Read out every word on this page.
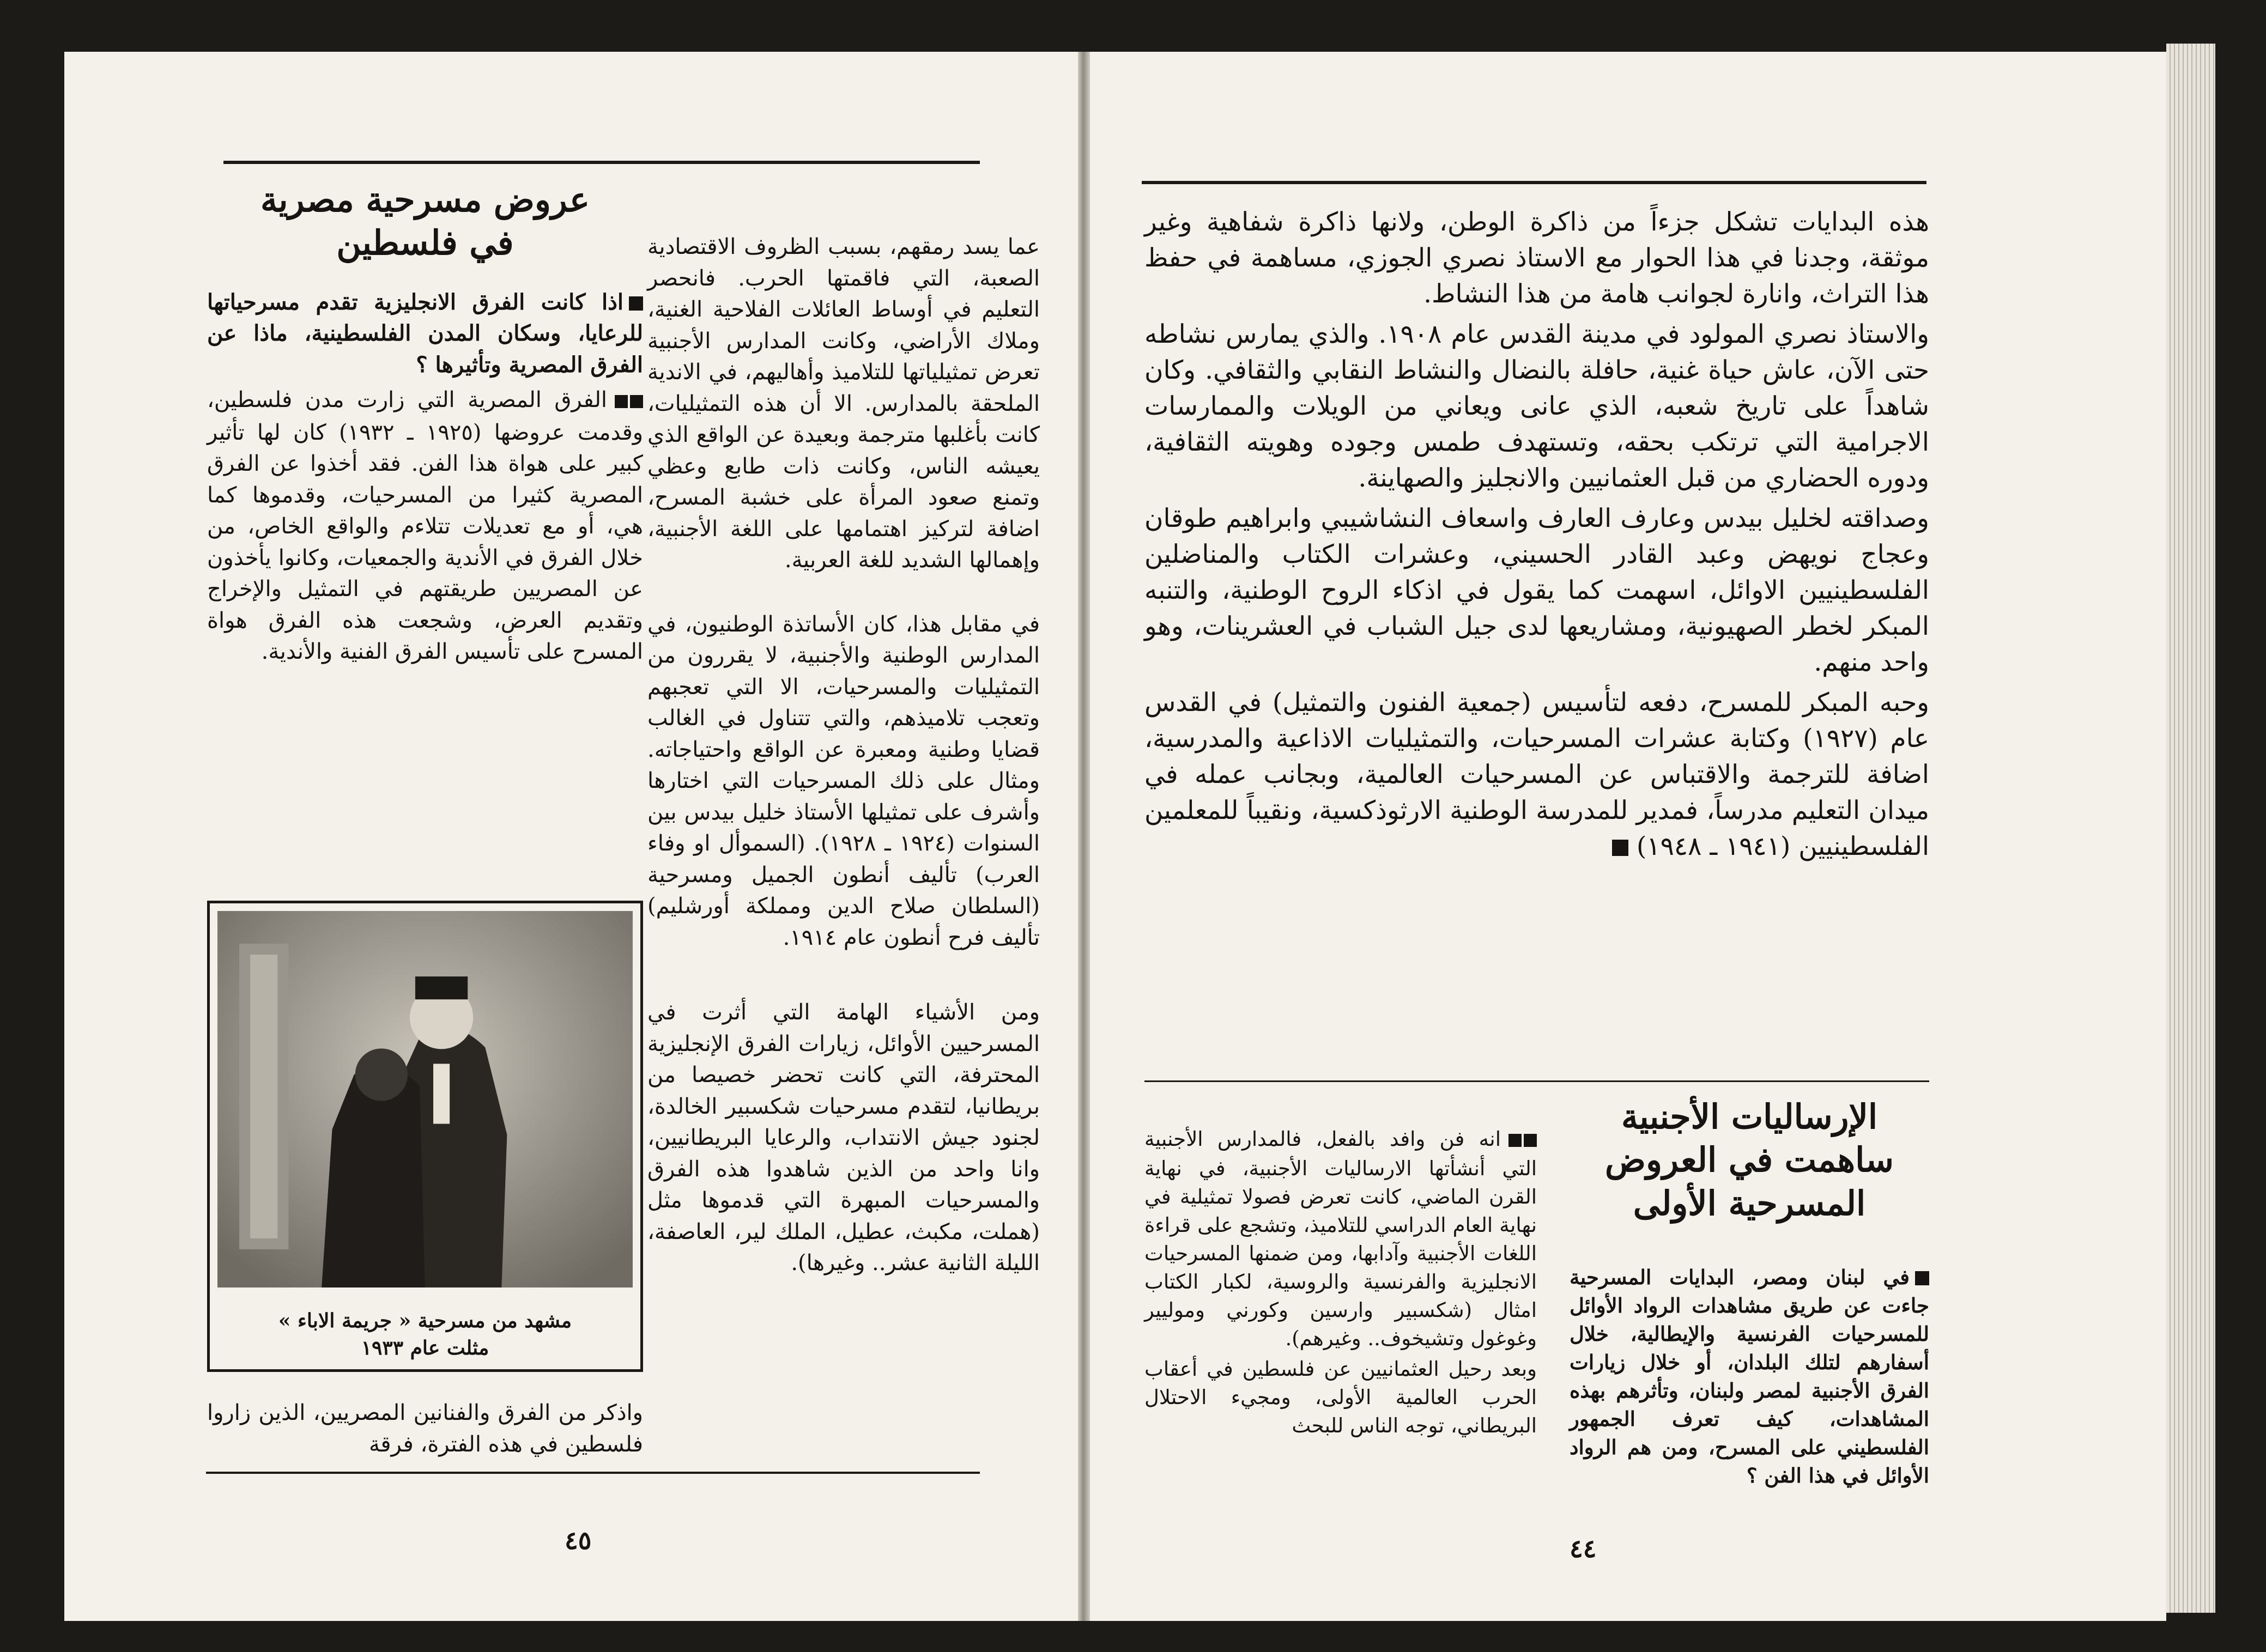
عروض مسرحية مصرية في فلسطين

اذا كانت الفرق الانجليزية تقدم مسرحياتها للرعايا، وسكان المدن الفلسطينية، ماذا عن الفرق المصرية وتأثيرها ؟

الفرق المصرية التي زارت مدن فلسطين، وقدمت عروضها (١٩٢٥ ـ ١٩٣٢) كان لها تأثير كبير على هواة هذا الفن. فقد أخذوا عن الفرق المصرية كثيرا من المسرحيات، وقدموها كما هي، أو مع تعديلات تتلاءم والواقع الخاص، من خلال الفرق في الأندية والجمعيات، وكانوا يأخذون عن المصريين طريقتهم في التمثيل والإخراج وتقديم العرض، وشجعت هذه الفرق هواة المسرح على تأسيس الفرق الفنية والأندية.

مشهد من مسرحية « جريمة الاباء »
مثلت عام ١٩٣٣

واذكر من الفرق والفنانين المصريين، الذين زاروا فلسطين في هذه الفترة، فرقة

عما يسد رمقهم، بسبب الظروف الاقتصادية الصعبة، التي فاقمتها الحرب. فانحصر التعليم في أوساط العائلات الفلاحية الغنية، وملاك الأراضي، وكانت المدارس الأجنبية تعرض تمثيلياتها للتلاميذ وأهاليهم، في الاندية الملحقة بالمدارس. الا أن هذه التمثيليات، كانت بأغلبها مترجمة وبعيدة عن الواقع الذي يعيشه الناس، وكانت ذات طابع وعظي وتمنع صعود المرأة على خشبة المسرح، اضافة لتركيز اهتمامها على اللغة الأجنبية، وإهمالها الشديد للغة العربية.

في مقابل هذا، كان الأساتذة الوطنيون، في المدارس الوطنية والأجنبية، لا يقررون من التمثيليات والمسرحيات، الا التي تعجبهم وتعجب تلاميذهم، والتي تتناول في الغالب قضايا وطنية ومعبرة عن الواقع واحتياجاته. ومثال على ذلك المسرحيات التي اختارها وأشرف على تمثيلها الأستاذ خليل بيدس بين السنوات (١٩٢٤ ـ ١٩٢٨). (السموأل او وفاء العرب) تأليف أنطون الجميل ومسرحية (السلطان صلاح الدين ومملكة أورشليم) تأليف فرح أنطون عام ١٩١٤.

ومن الأشياء الهامة التي أثرت في المسرحيين الأوائل، زيارات الفرق الإنجليزية المحترفة، التي كانت تحضر خصيصا من بريطانيا، لتقدم مسرحيات شكسبير الخالدة، لجنود جيش الانتداب، والرعايا البريطانيين، وانا واحد من الذين شاهدوا هذه الفرق والمسرحيات المبهرة التي قدموها مثل (هملت، مكبث، عطيل، الملك لير، العاصفة، الليلة الثانية عشر.. وغيرها).

٤٥

هذه البدايات تشكل جزءاً من ذاكرة الوطن، ولانها ذاكرة شفاهية وغير موثقة، وجدنا في هذا الحوار مع الاستاذ نصري الجوزي، مساهمة في حفظ هذا التراث، وانارة لجوانب هامة من هذا النشاط.

والاستاذ نصري المولود في مدينة القدس عام ١٩٠٨. والذي يمارس نشاطه حتى الآن، عاش حياة غنية، حافلة بالنضال والنشاط النقابي والثقافي. وكان شاهداً على تاريخ شعبه، الذي عانى ويعاني من الويلات والممارسات الاجرامية التي ترتكب بحقه، وتستهدف طمس وجوده وهويته الثقافية، ودوره الحضاري من قبل العثمانيين والانجليز والصهاينة.

وصداقته لخليل بيدس وعارف العارف واسعاف النشاشيبي وابراهيم طوقان وعجاج نويهض وعبد القادر الحسيني، وعشرات الكتاب والمناضلين الفلسطينيين الاوائل، اسهمت كما يقول في اذكاء الروح الوطنية، والتنبه المبكر لخطر الصهيونية، ومشاريعها لدى جيل الشباب في العشرينات، وهو واحد منهم.

وحبه المبكر للمسرح، دفعه لتأسيس (جمعية الفنون والتمثيل) في القدس عام (١٩٢٧) وكتابة عشرات المسرحيات، والتمثيليات الاذاعية والمدرسية، اضافة للترجمة والاقتباس عن المسرحيات العالمية، وبجانب عمله في ميدان التعليم مدرساً، فمدير للمدرسة الوطنية الارثوذكسية، ونقيباً للمعلمين الفلسطينيين (١٩٤١ ـ ١٩٤٨)

الإرساليات الأجنبية ساهمت في العروض المسرحية الأولى

في لبنان ومصر، البدايات المسرحية جاءت عن طريق مشاهدات الرواد الأوائل للمسرحيات الفرنسية والإيطالية، خلال أسفارهم لتلك البلدان، أو خلال زيارات الفرق الأجنبية لمصر ولبنان، وتأثرهم بهذه المشاهدات، كيف تعرف الجمهور الفلسطيني على المسرح، ومن هم الرواد الأوائل في هذا الفن ؟

انه فن وافد بالفعل، فالمدارس الأجنبية التي أنشأتها الارساليات الأجنبية، في نهاية القرن الماضي، كانت تعرض فصولا تمثيلية في نهاية العام الدراسي للتلاميذ، وتشجع على قراءة اللغات الأجنبية وآدابها، ومن ضمنها المسرحيات الانجليزية والفرنسية والروسية، لكبار الكتاب امثال (شكسبير وارسين وكورني وموليير وغوغول وتشيخوف.. وغيرهم).

وبعد رحيل العثمانيين عن فلسطين في أعقاب الحرب العالمية الأولى، ومجيء الاحتلال البريطاني، توجه الناس للبحث

٤٤
